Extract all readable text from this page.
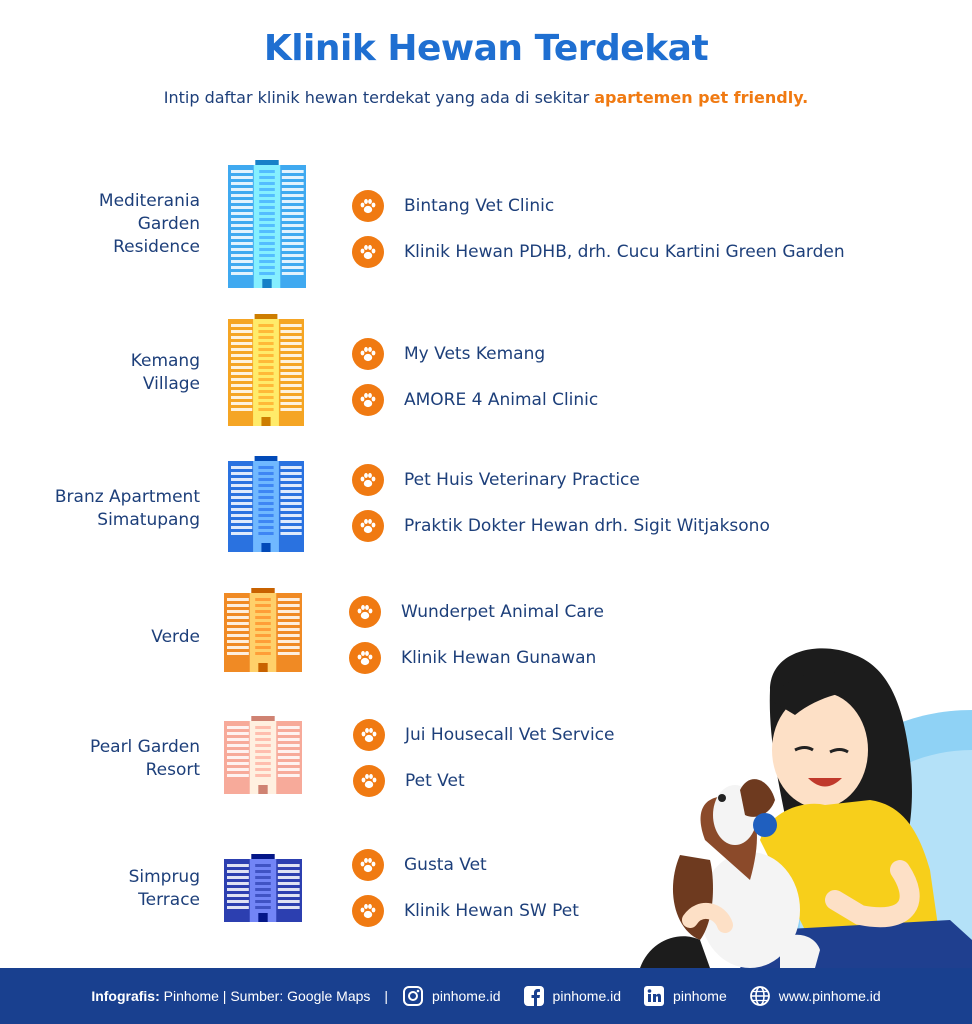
Klinik Hewan Terdekat
Intip daftar klinik hewan terdekat yang ada di sekitar apartemen pet friendly.
Mediterania Garden Residence
Bintang Vet Clinic
Klinik Hewan PDHB, drh. Cucu Kartini Green Garden
Kemang Village
My Vets Kemang
AMORE 4 Animal Clinic
Branz Apartment Simatupang
Pet Huis Veterinary Practice
Praktik Dokter Hewan drh. Sigit Witjaksono
Verde
Wunderpet Animal Care
Klinik Hewan Gunawan
Pearl Garden Resort
Jui Housecall Vet Service
Pet Vet
Simprug Terrace
Gusta Vet
Klinik Hewan SW Pet
Infografis:
Pinhome | Sumber: Google Maps |	pinhome.id	pinhome.id	pinhome	www.pinhome.id
